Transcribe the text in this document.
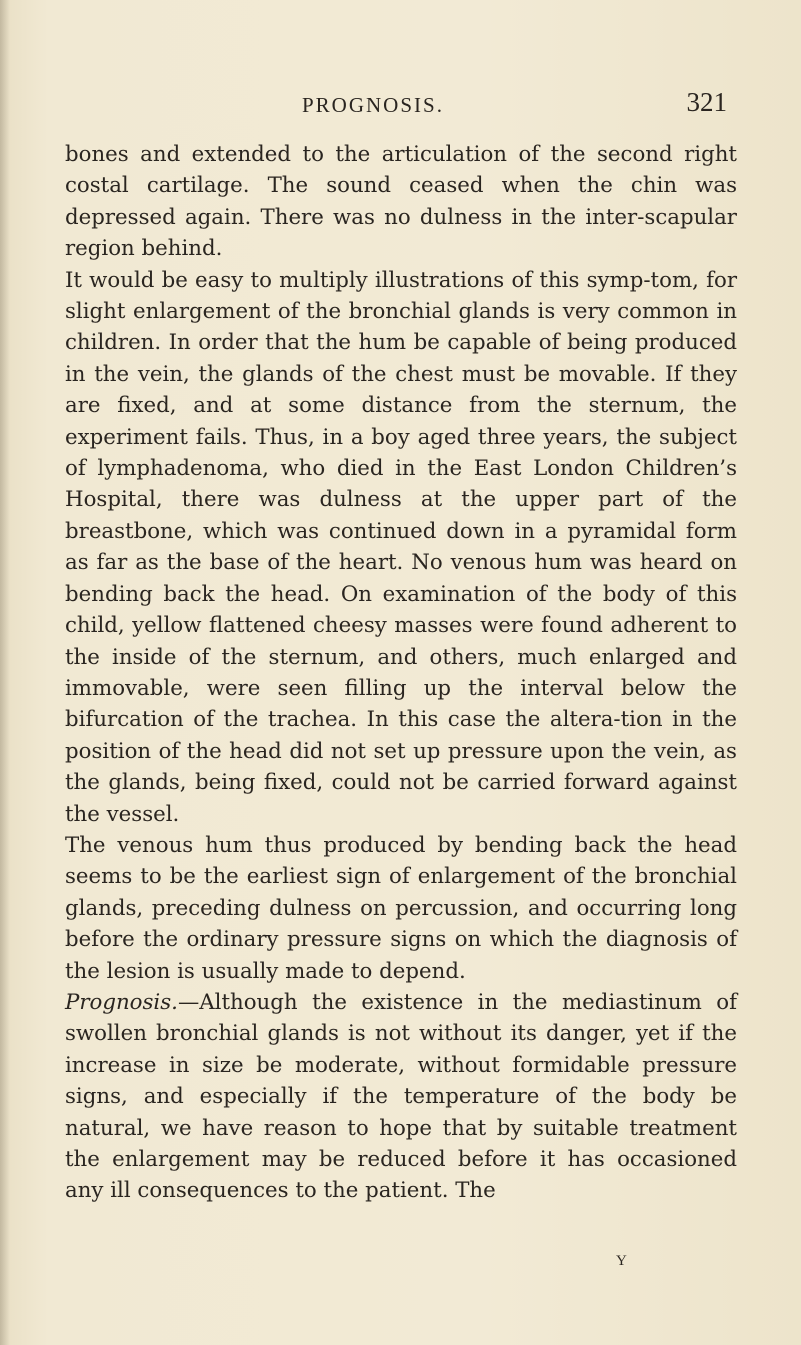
PROGNOSIS.	321

bones and extended to the articulation of the second right costal cartilage. The sound ceased when the chin was depressed again. There was no dulness in the inter-scapular region behind.

It would be easy to multiply illustrations of this symp-tom, for slight enlargement of the bronchial glands is very common in children. In order that the hum be capable of being produced in the vein, the glands of the chest must be movable. If they are fixed, and at some distance from the sternum, the experiment fails. Thus, in a boy aged three years, the subject of lymphadenoma, who died in the East London Children’s Hospital, there was dulness at the upper part of the breastbone, which was continued down in a pyramidal form as far as the base of the heart. No venous hum was heard on bending back the head. On examination of the body of this child, yellow flattened cheesy masses were found adherent to the inside of the sternum, and others, much enlarged and immovable, were seen filling up the interval below the bifurcation of the trachea. In this case the altera-tion in the position of the head did not set up pressure upon the vein, as the glands, being fixed, could not be carried forward against the vessel.

The venous hum thus produced by bending back the head seems to be the earliest sign of enlargement of the bronchial glands, preceding dulness on percussion, and occurring long before the ordinary pressure signs on which the diagnosis of the lesion is usually made to depend.

Prognosis.—Although the existence in the mediastinum of swollen bronchial glands is not without its danger, yet if the increase in size be moderate, without formidable pressure signs, and especially if the temperature of the body be natural, we have reason to hope that by suitable treatment the enlargement may be reduced before it has occasioned any ill consequences to the patient. The

Y
